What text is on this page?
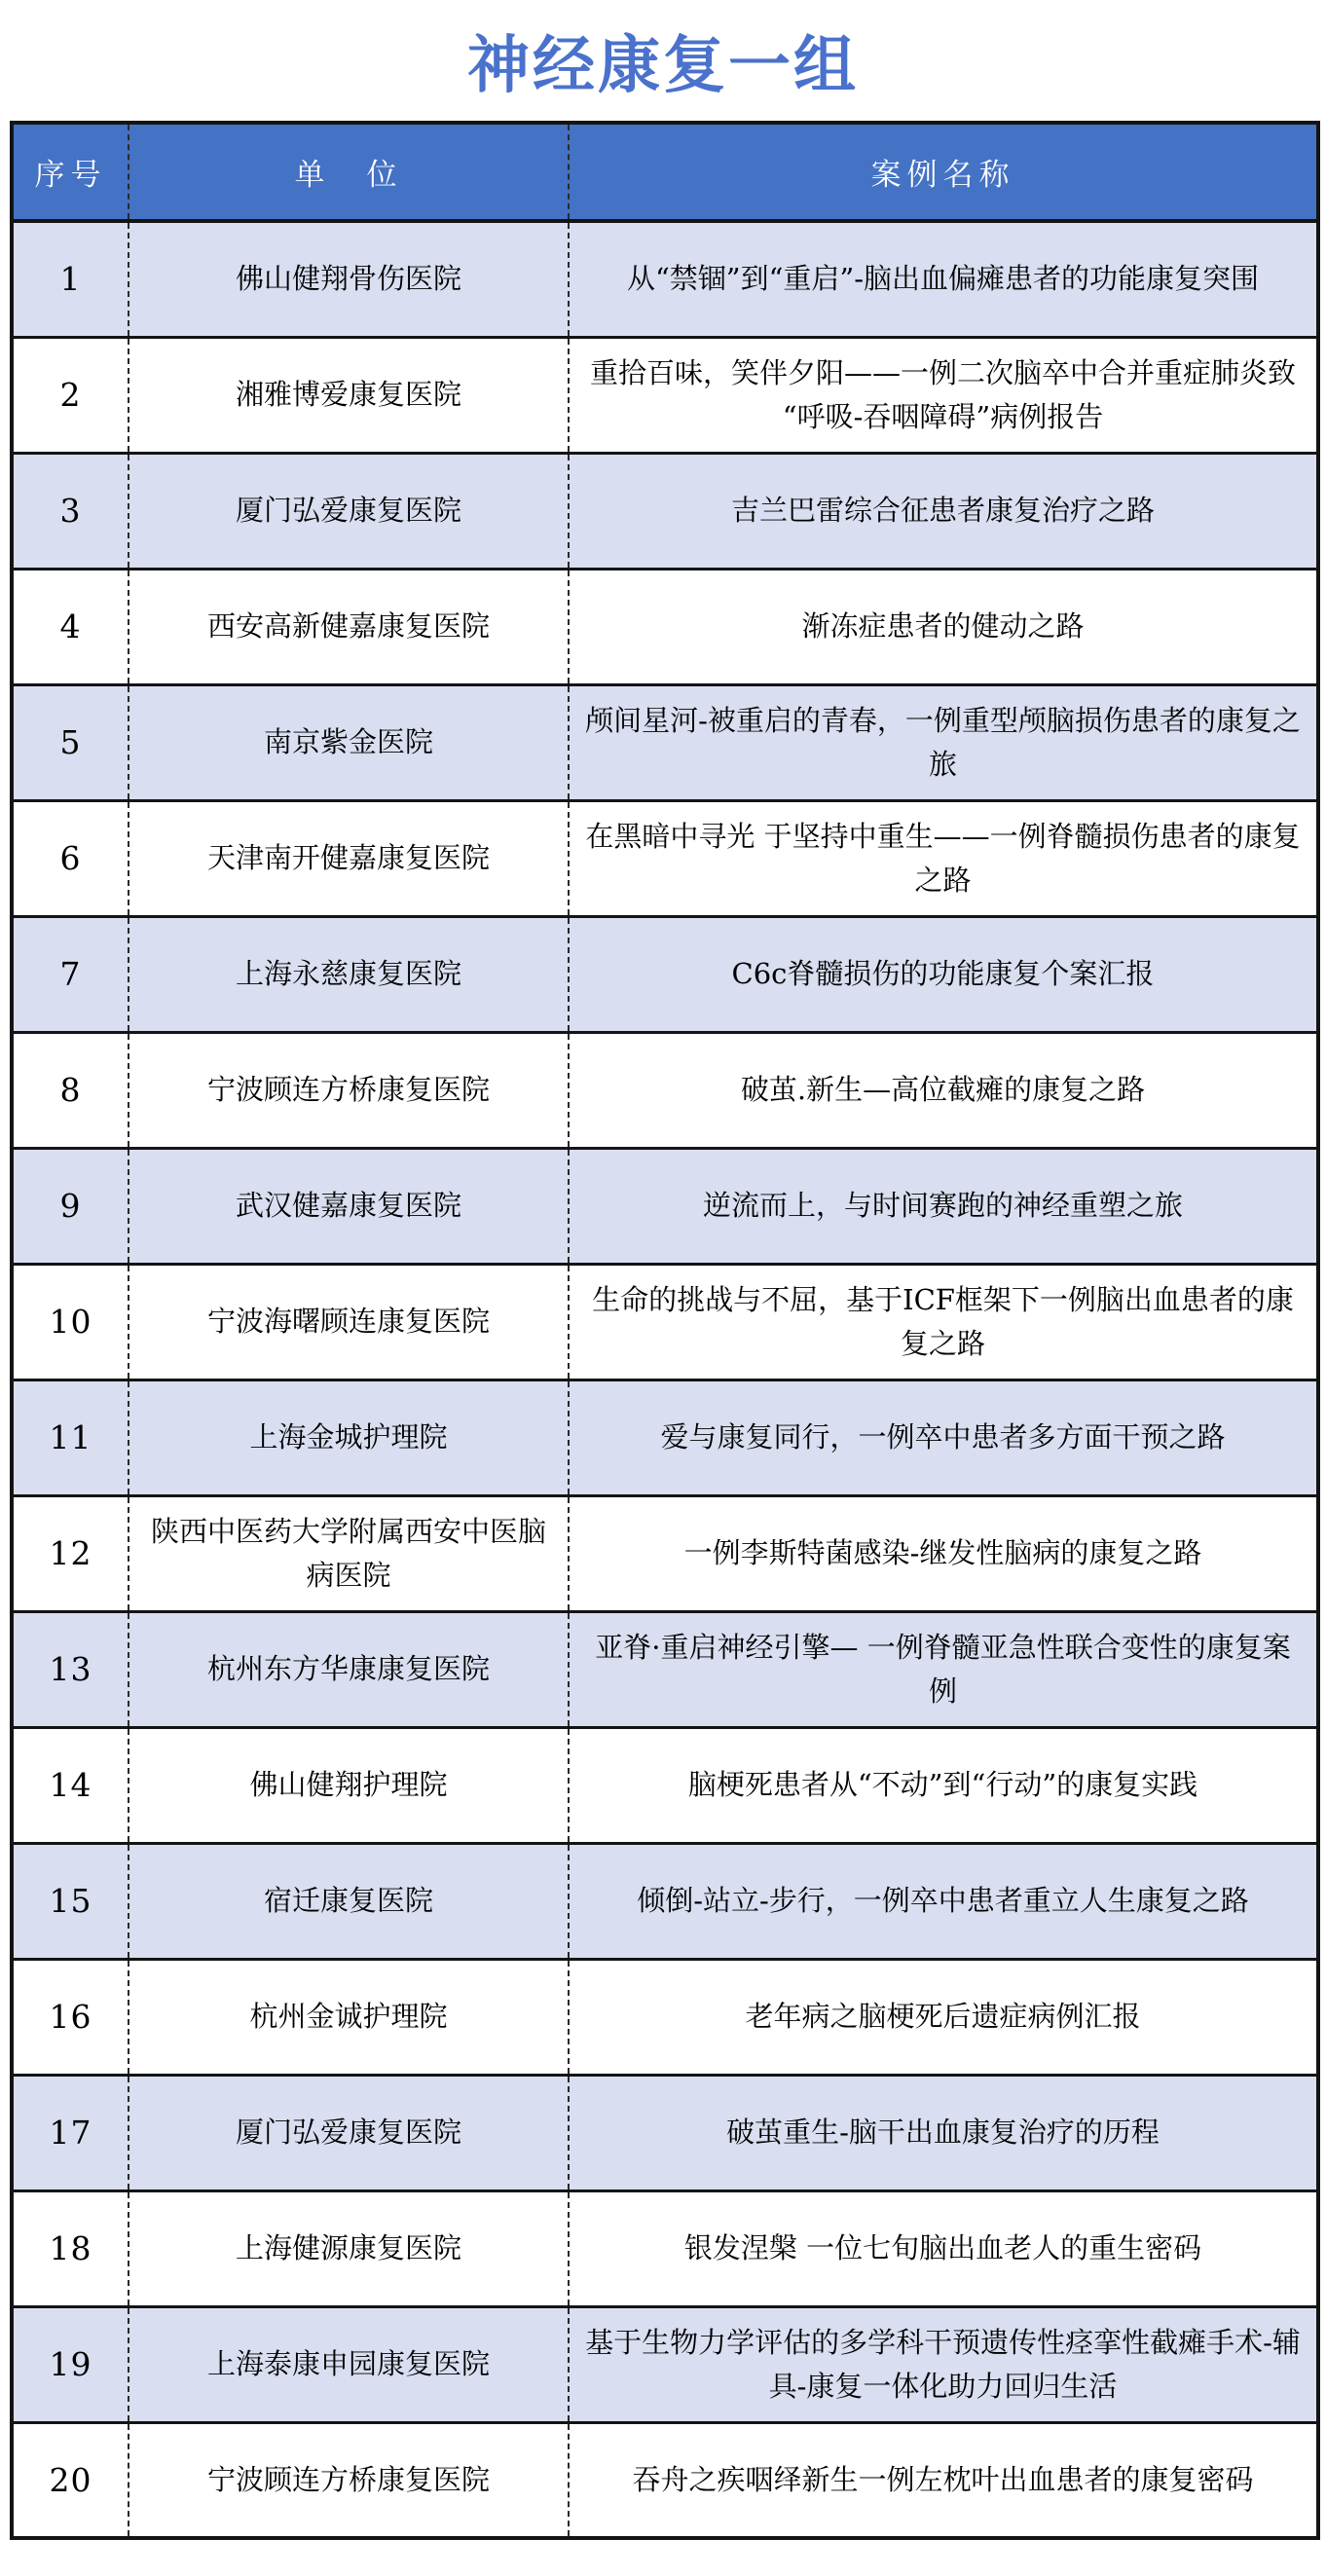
神经康复一组
序号	单　位	案例名称
1	佛山健翔骨伤医院	从“禁锢”到“重启”-脑出血偏瘫患者的功能康复突围
2	湘雅博爱康复医院	重拾百味，笑伴夕阳——一例二次脑卒中合并重症肺炎致“呼吸-吞咽障碍”病例报告
3	厦门弘爱康复医院	吉兰巴雷综合征患者康复治疗之路
4	西安高新健嘉康复医院	渐冻症患者的健动之路
5	南京紫金医院	颅间星河-被重启的青春，一例重型颅脑损伤患者的康复之旅
6	天津南开健嘉康复医院	在黑暗中寻光 于坚持中重生——一例脊髓损伤患者的康复之路
7	上海永慈康复医院	C6c脊髓损伤的功能康复个案汇报
8	宁波顾连方桥康复医院	破茧.新生—高位截瘫的康复之路
9	武汉健嘉康复医院	逆流而上，与时间赛跑的神经重塑之旅
10	宁波海曙顾连康复医院	生命的挑战与不屈，基于ICF框架下一例脑出血患者的康复之路
11	上海金城护理院	爱与康复同行，一例卒中患者多方面干预之路
12	陕西中医药大学附属西安中医脑病医院	一例李斯特菌感染-继发性脑病的康复之路
13	杭州东方华康康复医院	亚脊·重启神经引擎— 一例脊髓亚急性联合变性的康复案例
14	佛山健翔护理院	脑梗死患者从“不动”到“行动”的康复实践
15	宿迁康复医院	倾倒-站立-步行，一例卒中患者重立人生康复之路
16	杭州金诚护理院	老年病之脑梗死后遗症病例汇报
17	厦门弘爱康复医院	破茧重生-脑干出血康复治疗的历程
18	上海健源康复医院	银发涅槃 一位七旬脑出血老人的重生密码
19	上海泰康申园康复医院	基于生物力学评估的多学科干预遗传性痉挛性截瘫手术-辅具-康复一体化助力回归生活
20	宁波顾连方桥康复医院	吞舟之疾咽绎新生一例左枕叶出血患者的康复密码
